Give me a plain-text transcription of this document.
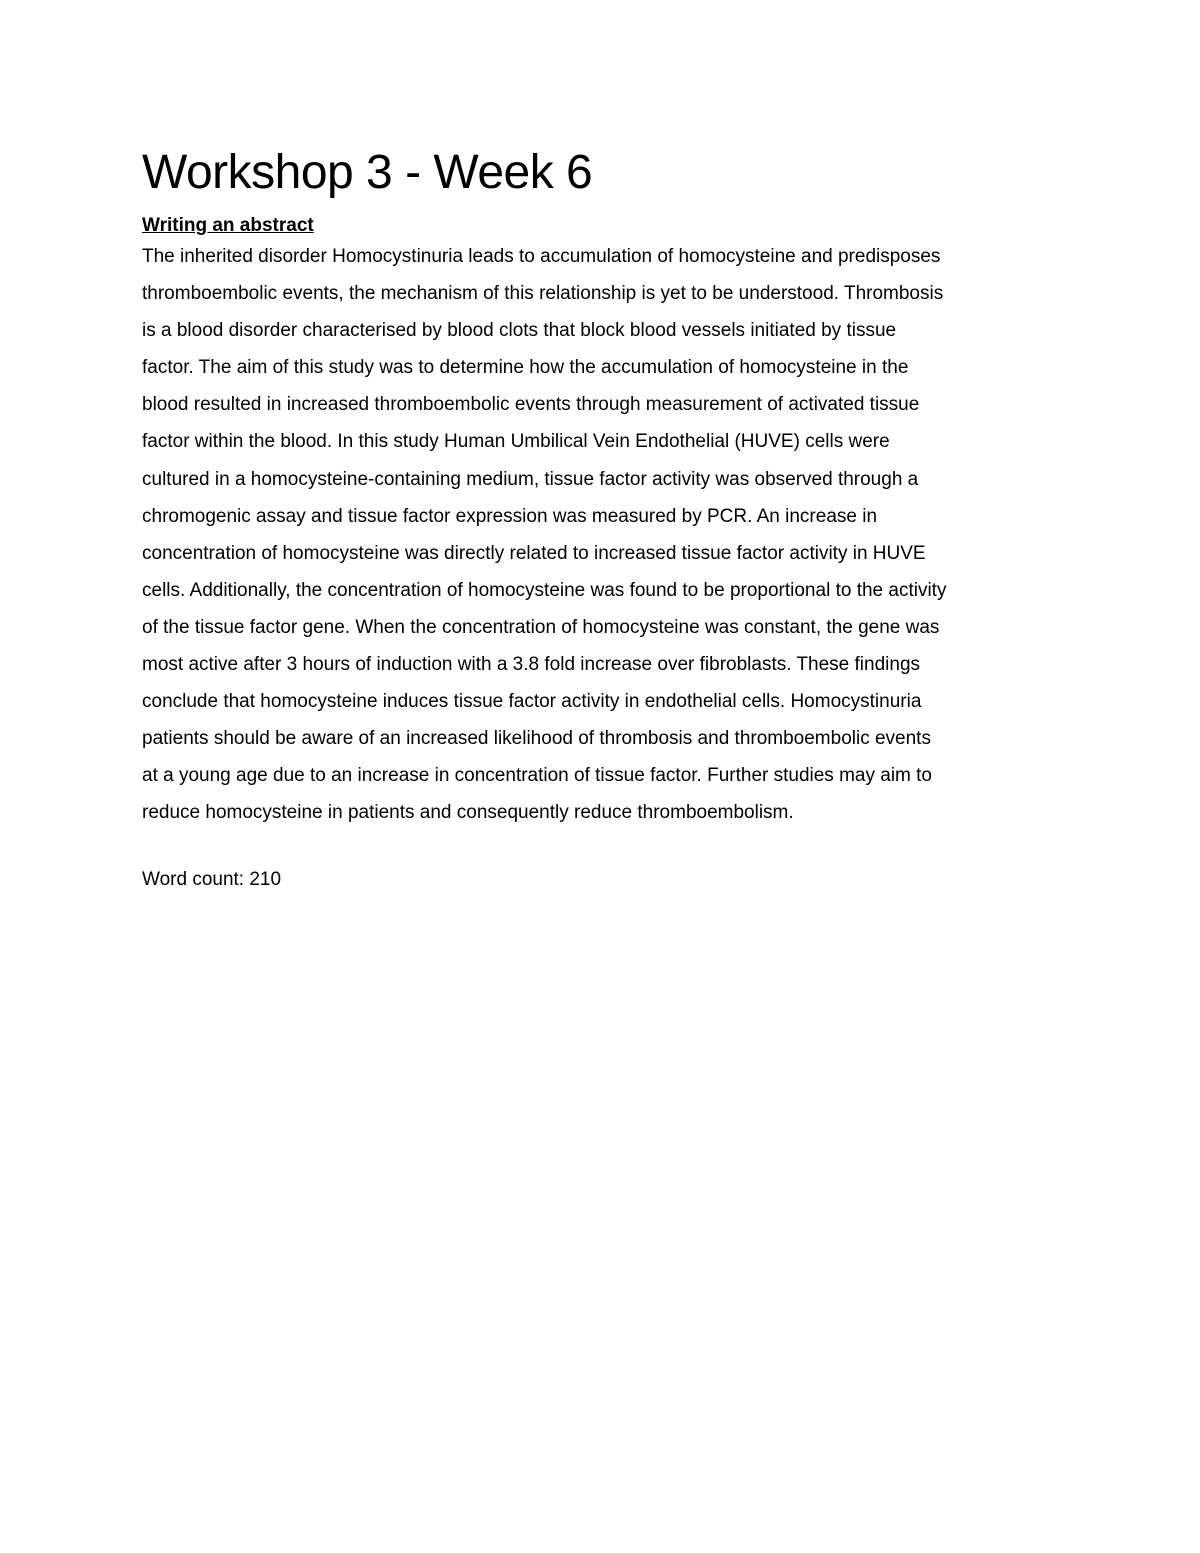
Workshop 3 - Week 6
Writing an abstract

The inherited disorder Homocystinuria leads to accumulation of homocysteine and predisposes
thromboembolic events, the mechanism of this relationship is yet to be understood. Thrombosis
is a blood disorder characterised by blood clots that block blood vessels initiated by tissue
factor. The aim of this study was to determine how the accumulation of homocysteine in the
blood resulted in increased thromboembolic events through measurement of activated tissue
factor within the blood. In this study Human Umbilical Vein Endothelial (HUVE) cells were
cultured in a homocysteine-containing medium, tissue factor activity was observed through a
chromogenic assay and tissue factor expression was measured by PCR. An increase in
concentration of homocysteine was directly related to increased tissue factor activity in HUVE
cells. Additionally, the concentration of homocysteine was found to be proportional to the activity
of the tissue factor gene. When the concentration of homocysteine was constant, the gene was
most active after 3 hours of induction with a 3.8 fold increase over fibroblasts. These findings
conclude that homocysteine induces tissue factor activity in endothelial cells. Homocystinuria
patients should be aware of an increased likelihood of thrombosis and thromboembolic events
at a young age due to an increase in concentration of tissue factor. Further studies may aim to
reduce homocysteine in patients and consequently reduce thromboembolism.

Word count: 210
